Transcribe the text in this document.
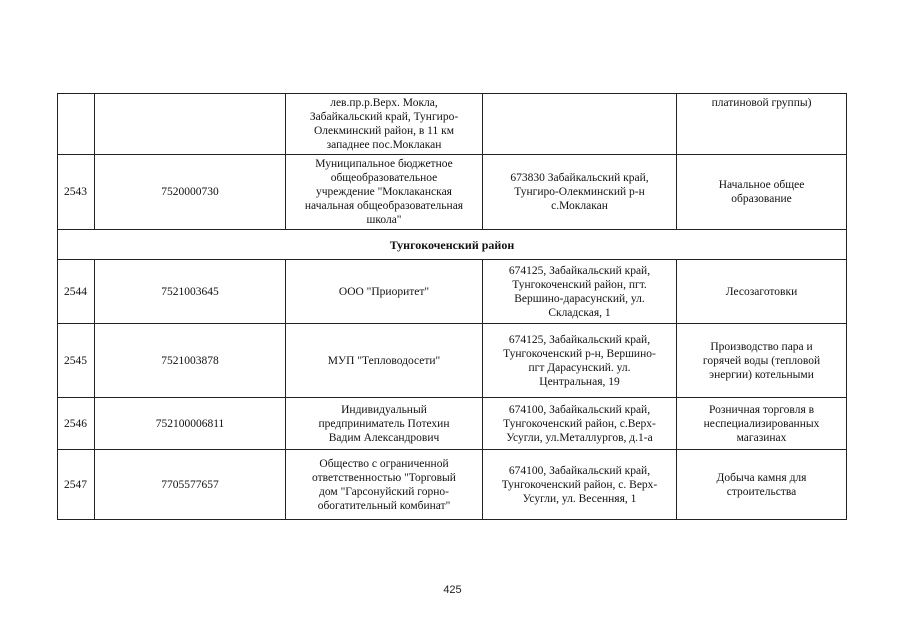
		лев.пр.р.Верх. Мокла,
Забайкальский край, Тунгиро-
Олекминский район, в 11 км
западнее пос.Моклакан		платиновой группы)
2543	7520000730	Муниципальное бюджетное
общеобразовательное
учреждение "Моклаканская
начальная общеобразовательная
школа"	673830 Забайкальский край,
Тунгиро-Олекминский р-н
с.Моклакан	Начальное общее
образование
Тунгокоченский район				
2544	7521003645	ООО "Приоритет"	674125, Забайкальский край,
Тунгокоченский район, пгт.
Вершино-дарасунский, ул.
Складская, 1	Лесозаготовки
2545	7521003878	МУП "Тепловодосети"	674125, Забайкальский край,
Тунгокоченский р-н, Вершино-
пгт Дарасунский. ул.
Центральная, 19	Производство пара и
горячей воды (тепловой
энергии) котельными
2546	752100006811	Индивидуальный
предприниматель Потехин
Вадим Александрович	674100, Забайкальский край,
Тунгокоченский район, с.Верх-
Усугли, ул.Металлургов, д.1-а	Розничная торговля в
неспециализированных
магазинах
2547	7705577657	Общество с ограниченной
ответственностью "Торговый
дом "Гарсонуйский горно-
обогатительный комбинат"	674100, Забайкальский край,
Тунгокоченский район, с. Верх-
Усугли, ул. Весенняя, 1	Добыча камня для
строительства
425
